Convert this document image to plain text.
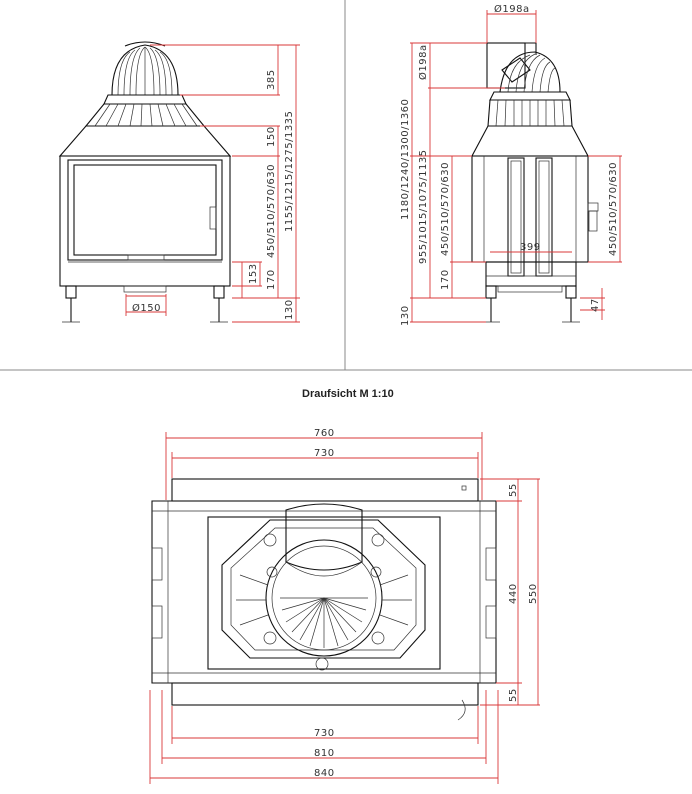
385
150
450/510/570/630 1155/1215/1275/1335
153 170
130
Ø150
Ø198a
Ø198a
1180/1240/1300/1360 955/1015/1075/1135 450/510/570/630
170
130
450/510/570/630
47
399
Draufsicht M 1:10
760
730
730
810
840
55
440 550
55
